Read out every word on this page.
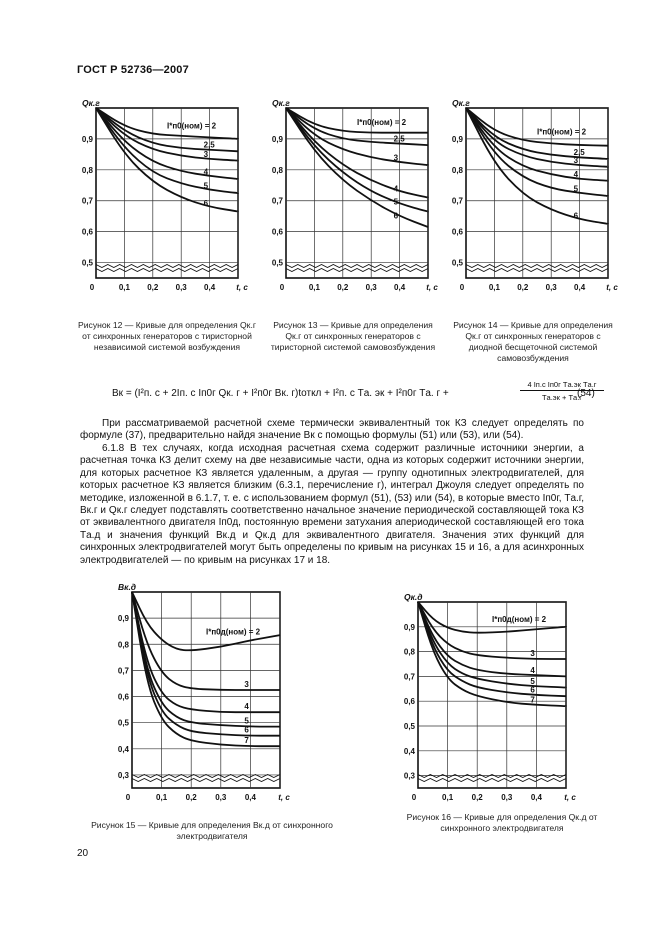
ГОСТ Р 52736—2007
0	0,1 0,2 0,3 0,4	t, c
0,5
0,6
0,7
0,8
0,9
Qк.г
2,5
3
4
5
6
I*п0(ном) = 2
0	0,1 0,2 0,3 0,4	t, c
0,5
0,6
0,7
0,8
0,9
Qк.г
2,5
3
4
5
6
I*п0(ном) = 2
0	0,1 0,2 0,3 0,4	t, c
0,5
0,6
0,7
0,8
0,9
Qк.г
2,5
3
4
5
6
I*п0(ном) = 2
Рисунок 12 — Кривые для определения Qк.г от синхронных генераторов с тиристорной независимой системой возбуждения
Рисунок 13 — Кривые для определения Qк.г от синхронных генераторов с тиристорной системой самовозбуждения
Рисунок 14 — Кривые для определения Qк.г от синхронных генераторов с диодной бесщеточной системой самовозбуждения
Bк = (I²п. с + 2Iп. с Iп0г Qк. г + I²п0г Bк. г)tоткл + I²п. с Tа. эк + I²п0г Tа. г +
4 Iп.с Iп0г Tа.эк Tа.г
Tа.эк + Tа.г
(54)
При рассматриваемой расчетной схеме термически эквивалентный ток КЗ следует определять по формуле (37), предварительно найдя значение Bк с помощью формулы (51) или (53), или (54).
6.1.8 В тех случаях, когда исходная расчетная схема содержит различные источники энергии, а расчетная точка КЗ делит схему на две независимые части, одна из которых содержит источники энергии, для которых расчетное КЗ является удаленным, а другая — группу однотипных электродвигателей, для которых расчетное КЗ является близким (6.3.1, перечисление г), интеграл Джоуля следует определять по методике, изложенной в 6.1.7, т. е. с использованием формул (51), (53) или (54), в которые вместо Iп0г, Tа.г, Bк.г и Qк.г следует подставлять соответственно начальное значение периодической составляющей тока КЗ от эквивалентного двигателя Iп0д, постоянную времени затухания апериодической составляющей его тока Tа.д и значения функций Bк.д и Qк.д для эквивалентного двигателя. Значения этих функций для синхронных электродвигателей могут быть определены по кривым на рисунках 15 и 16, а для асинхронных электродвигателей — по кривым на рисунках 17 и 18.
0	0,1 0,2 0,3 0,4	t, c
0,3
0,4
0,5
0,6
0,7
0,8
0,9
Bк.д
3
4
5
6
7
I*п0д(ном) = 2
0	0,1 0,2 0,3 0,4	t, c
0,3
0,4
0,5
0,6
0,7
0,8
0,9
Qк.д
3
4
5
6
7
I*п0д(ном) = 2
Рисунок 15 — Кривые для определения Bк.д от синхронного электродвигателя
Рисунок 16 — Кривые для определения Qк.д от синхронного электродвигателя
20
